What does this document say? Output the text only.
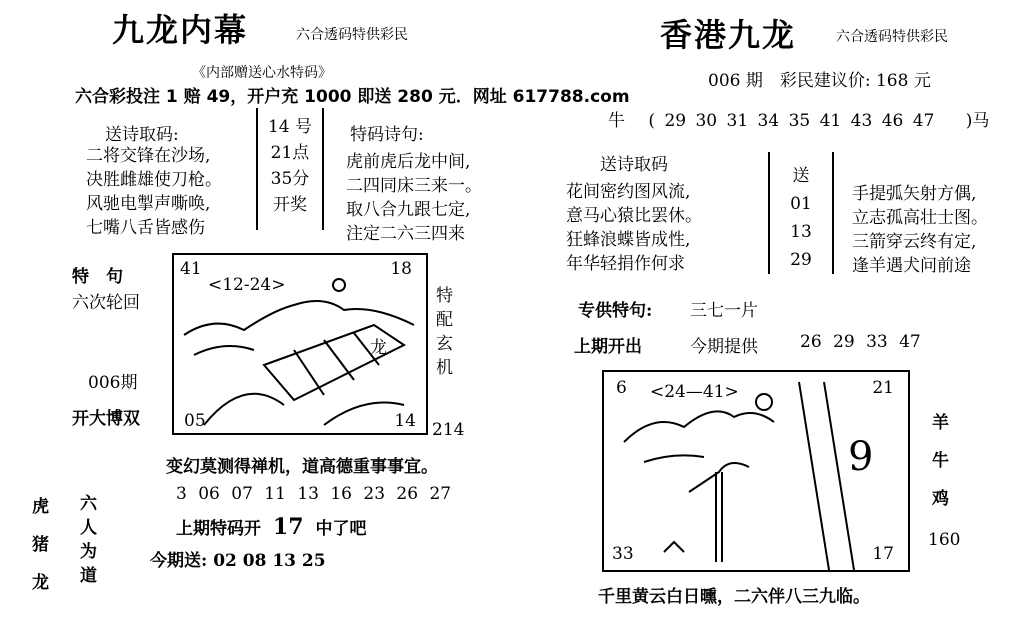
九龙内幕	六合透码特供彩民
《内部赠送心水特码》
六合彩投注 1 赔 49，开户充 1000 即送 280 元．网址 617788.com
送诗取码:
二将交锋在沙场,
决胜雌雄使刀枪。
风驰电掣声嘶唤,
七嘴八舌皆感伤
14 号
21点
35分
开奖
特码诗句:
虎前虎后龙中间,
二四同床三来一。
取八合九跟七定,
注定二六三四来
特　句
六次轮回
006期
开大博双
41	18
<12-24>
龙
05	14
特
配
玄
机
214
变幻莫测得禅机，道高德重事事宜。
3 06 07 11 13 16 23 26 27
虎
猪
龙
六
人
为
道
上期特码开 17 中了吧
今期送: 02 08 13 25
香港九龙	六合透码特供彩民
006 期　彩民建议价: 168 元
牛 ( 29 30 31 34 35 41 43 46 47 )马
送诗取码
花间密约图风流,
意马心猿比罢休。
狂蜂浪蝶皆成性,
年华轻捐作何求
送
01
13
29
手提弧矢射方偶,
立志孤高壮士图。
三箭穿云终有定,
逢羊遇犬问前途
专供特句: 三七一片
上期开出	今期提供 26 29 33 47
6 <24—41>	21
9
33	17
羊
牛
鸡
160
千里黄云白日曛，二六伴八三九临。
